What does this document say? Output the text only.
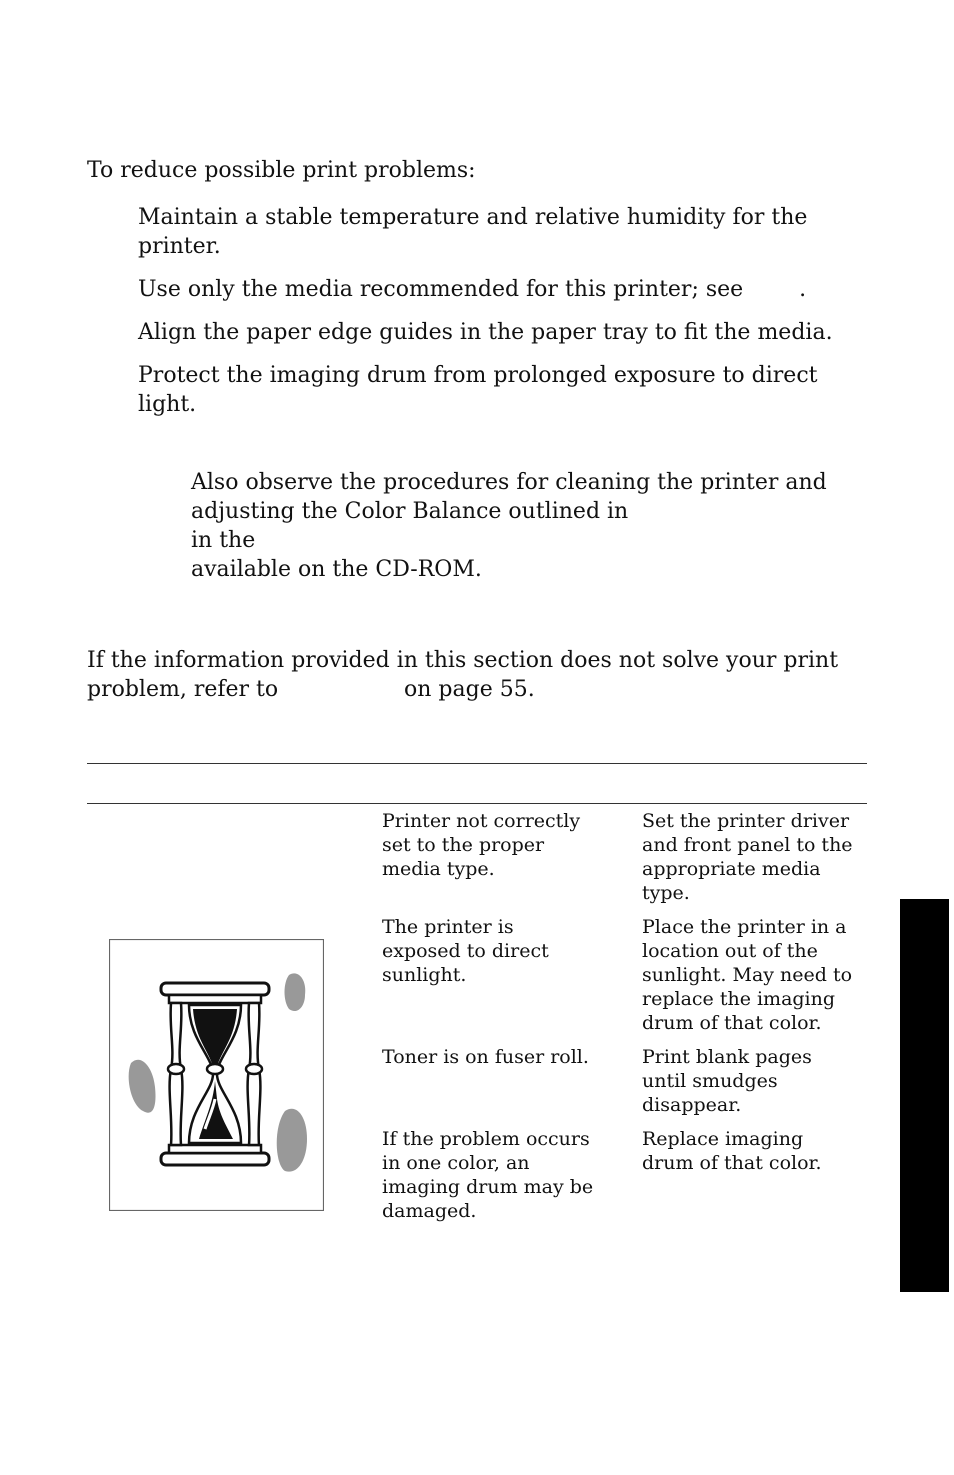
To reduce possible print problems:
Maintain a stable temperature and relative humidity for the printer.
Use only the media recommended for this printer; see        .
Align the paper edge guides in the paper tray to fit the media.
Protect the imaging drum from prolonged exposure to direct light.
Also observe the procedures for cleaning the printer and
adjusting the Color Balance outlined in
in the
available on the CD-ROM.
If the information provided in this section does not solve your print
problem, refer to                  on page 55.
Printer not correctly
set to the proper
media type.
Set the printer driver
and front panel to the
appropriate media
type.
The printer is
exposed to direct
sunlight.
Place the printer in a
location out of the
sunlight. May need to
replace the imaging
drum of that color.
Toner is on fuser roll.	Print blank pages
until smudges
disappear.
If the problem occurs
in one color, an
imaging drum may be
damaged.
Replace imaging
drum of that color.
